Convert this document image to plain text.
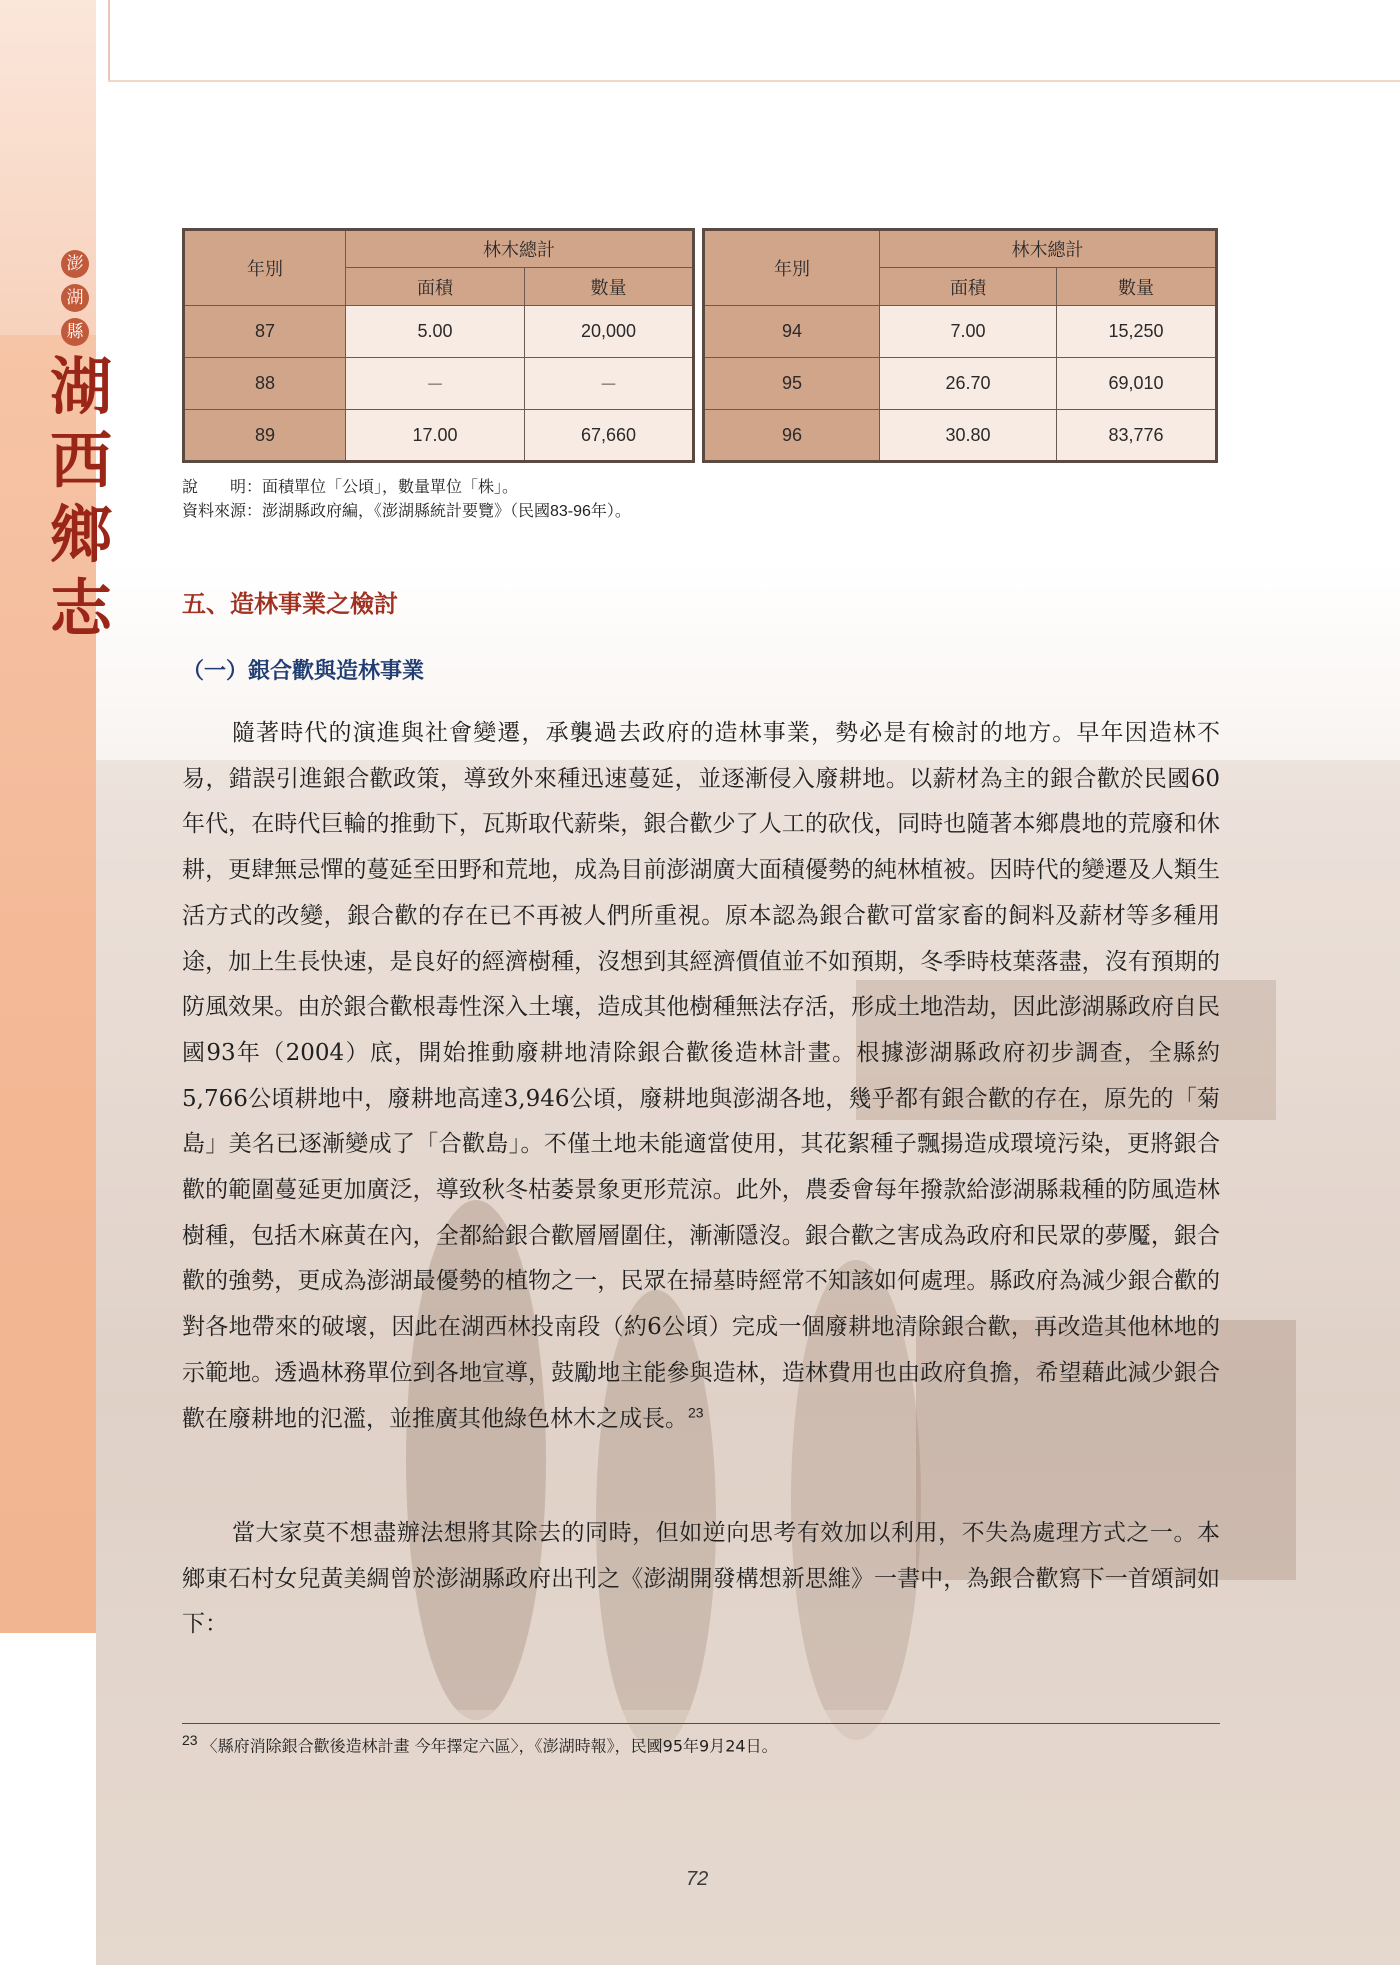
澎
湖
縣
湖
西
鄉
志
年別	林木總計	
	面積	數量
87	5.00	20,000
88	－	－
89	17.00	67,660
年別	林木總計	
	面積	數量
94	7.00	15,250
95	26.70	69,010
96	30.80	83,776
說　　明：面積單位「公頃」，數量單位「株」。
資料來源：澎湖縣政府編，《澎湖縣統計要覽》（民國83-96年）。
五、造林事業之檢討
（一）銀合歡與造林事業
隨著時代的演進與社會變遷，承襲過去政府的造林事業，勢必是有檢討的地方。早年因造林不易，錯誤引進銀合歡政策，導致外來種迅速蔓延，並逐漸侵入廢耕地。以薪材為主的銀合歡於民國60年代，在時代巨輪的推動下，瓦斯取代薪柴，銀合歡少了人工的砍伐，同時也隨著本鄉農地的荒廢和休耕，更肆無忌憚的蔓延至田野和荒地，成為目前澎湖廣大面積優勢的純林植被。因時代的變遷及人類生活方式的改變，銀合歡的存在已不再被人們所重視。原本認為銀合歡可當家畜的飼料及薪材等多種用途，加上生長快速，是良好的經濟樹種，沒想到其經濟價值並不如預期，冬季時枝葉落盡，沒有預期的防風效果。由於銀合歡根毒性深入土壤，造成其他樹種無法存活，形成土地浩劫，因此澎湖縣政府自民國93年（2004）底，開始推動廢耕地清除銀合歡後造林計畫。根據澎湖縣政府初步調查，全縣約5,766公頃耕地中，廢耕地高達3,946公頃，廢耕地與澎湖各地，幾乎都有銀合歡的存在，原先的「菊島」美名已逐漸變成了「合歡島」。不僅土地未能適當使用，其花絮種子飄揚造成環境污染，更將銀合歡的範圍蔓延更加廣泛，導致秋冬枯萎景象更形荒涼。此外，農委會每年撥款給澎湖縣栽種的防風造林樹種，包括木麻黃在內，全都給銀合歡層層圍住，漸漸隱沒。銀合歡之害成為政府和民眾的夢魘，銀合歡的強勢，更成為澎湖最優勢的植物之一，民眾在掃墓時經常不知該如何處理。縣政府為減少銀合歡的對各地帶來的破壞，因此在湖西林投南段（約6公頃）完成一個廢耕地清除銀合歡，再改造其他林地的示範地。透過林務單位到各地宣導，鼓勵地主能參與造林，造林費用也由政府負擔，希望藉此減少銀合歡在廢耕地的氾濫，並推廣其他綠色林木之成長。$^{23}$
當大家莫不想盡辦法想將其除去的同時，但如逆向思考有效加以利用，不失為處理方式之一。本鄉東石村女兒黃美綢曾於澎湖縣政府出刊之《澎湖開發構想新思維》一書中，為銀合歡寫下一首頌詞如下：
23 〈縣府消除銀合歡後造林計畫 今年擇定六區〉，《澎湖時報》，民國95年9月24日。
72
